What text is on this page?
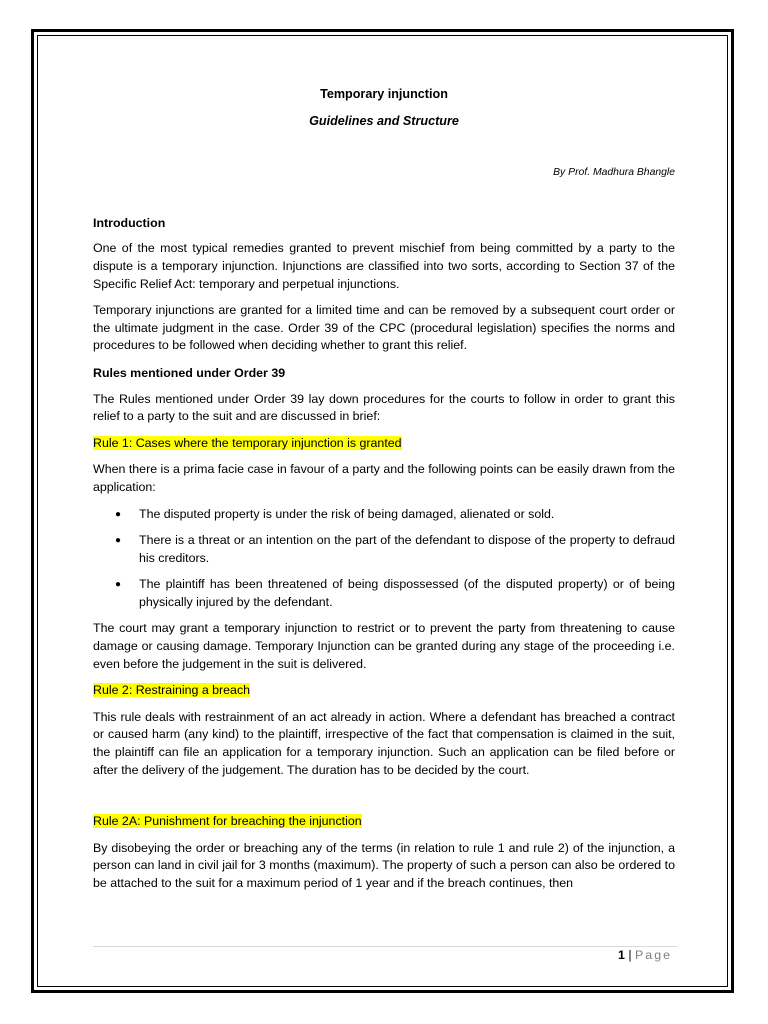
Temporary injunction
Guidelines and Structure
By Prof. Madhura Bhangle
Introduction

One of the most typical remedies granted to prevent mischief from being committed by a party to the dispute is a temporary injunction. Injunctions are classified into two sorts, according to Section 37 of the Specific Relief Act: temporary and perpetual injunctions.

Temporary injunctions are granted for a limited time and can be removed by a subsequent court order or the ultimate judgment in the case. Order 39 of the CPC (procedural legislation) specifies the norms and procedures to be followed when deciding whether to grant this relief.

Rules mentioned under Order 39

The Rules mentioned under Order 39 lay down procedures for the courts to follow in order to grant this relief to a party to the suit and are discussed in brief:

Rule 1: Cases where the temporary injunction is granted

When there is a prima facie case in favour of a party and the following points can be easily drawn from the application:

● The disputed property is under the risk of being damaged, alienated or sold.
● There is a threat or an intention on the part of the defendant to dispose of the property to defraud his creditors.
● The plaintiff has been threatened of being dispossessed (of the disputed property) or of being physically injured by the defendant.

The court may grant a temporary injunction to restrict or to prevent the party from threatening to cause damage or causing damage. Temporary Injunction can be granted during any stage of the proceeding i.e. even before the judgement in the suit is delivered.

Rule 2: Restraining a breach

This rule deals with restrainment of an act already in action. Where a defendant has breached a contract or caused harm (any kind) to the plaintiff, irrespective of the fact that compensation is claimed in the suit, the plaintiff can file an application for a temporary injunction. Such an application can be filed before or after the delivery of the judgement. The duration has to be decided by the court.

Rule 2A: Punishment for breaching the injunction

By disobeying the order or breaching any of the terms (in relation to rule 1 and rule 2) of the injunction, a person can land in civil jail for 3 months (maximum). The property of such a person can also be ordered to be attached to the suit for a maximum period of 1 year and if the breach continues, then

1 | Page
